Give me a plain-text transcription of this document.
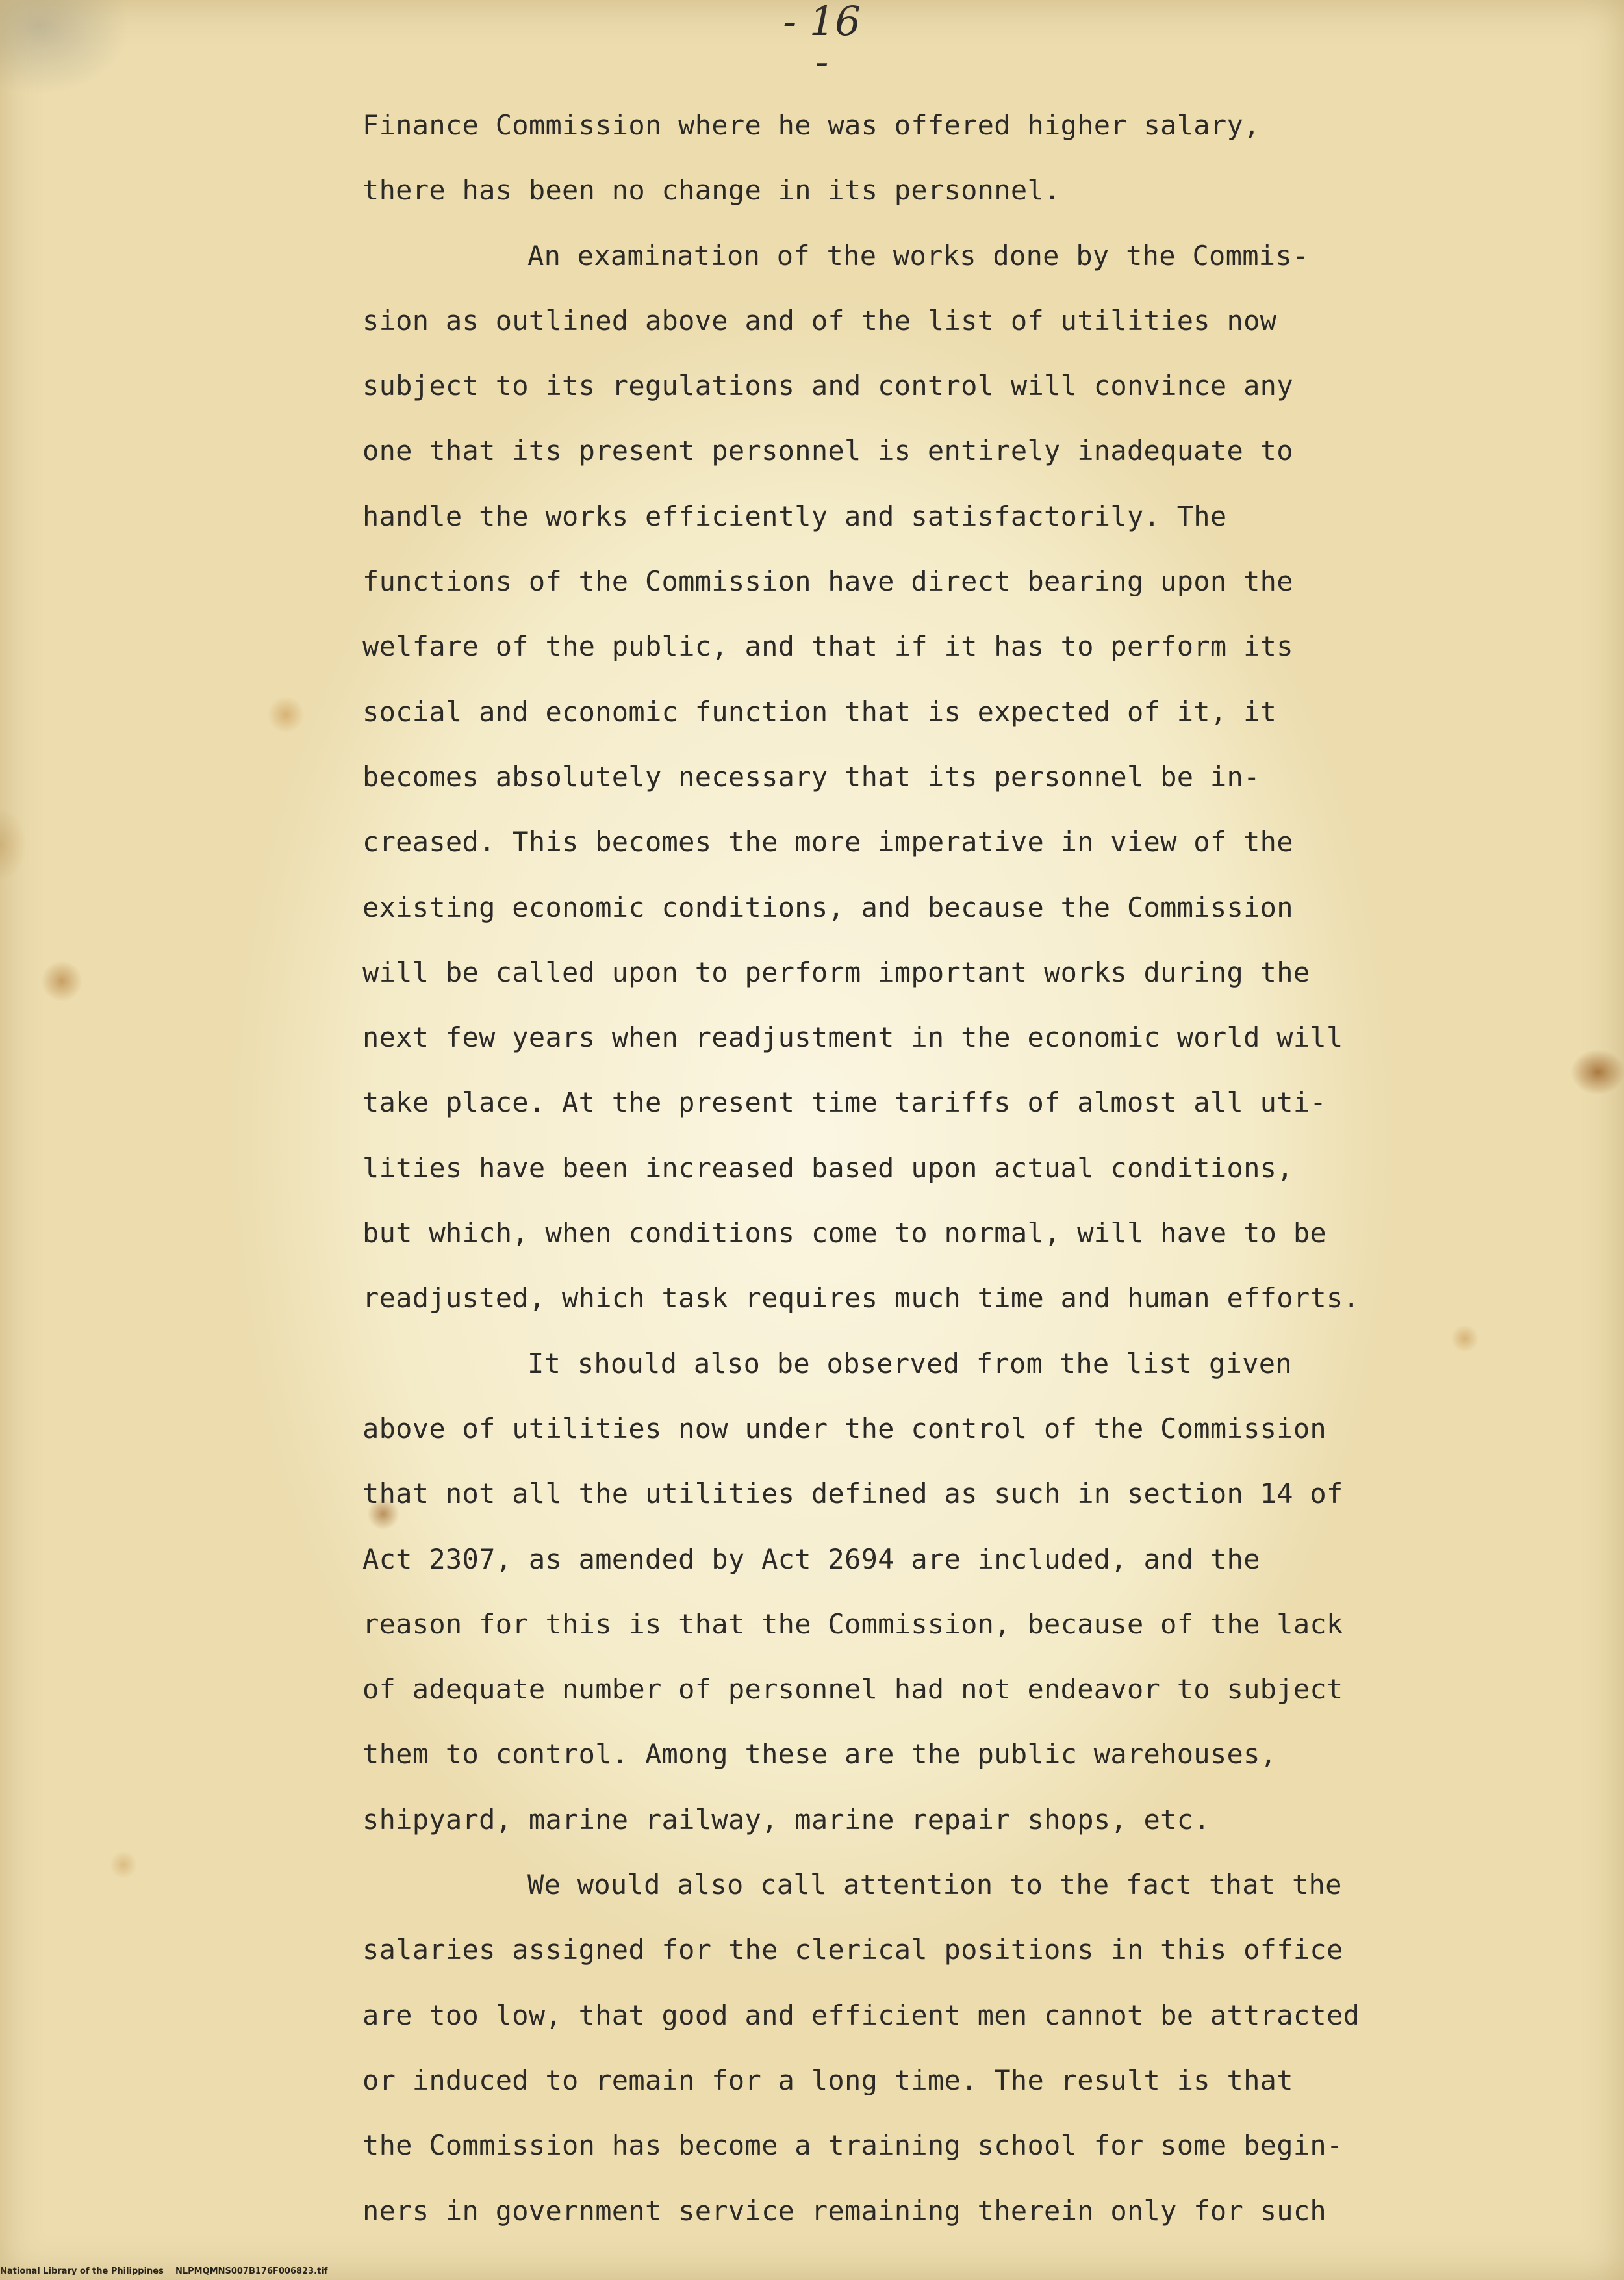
- 16 -
Finance Commission where he was offered higher salary,
there has been no change in its personnel.
An examination of the works done by the Commis-
sion as outlined above and of the list of utilities now
subject to its regulations and control will convince any
one that its present personnel is entirely inadequate to
handle the works efficiently and satisfactorily. The
functions of the Commission have direct bearing upon the
welfare of the public, and that if it has to perform its
social and economic function that is expected of it, it
becomes absolutely necessary that its personnel be in-
creased. This becomes the more imperative in view of the
existing economic conditions, and because the Commission
will be called upon to perform important works during the
next few years when readjustment in the economic world will
take place. At the present time tariffs of almost all uti-
lities have been increased based upon actual conditions,
but which, when conditions come to normal, will have to be
readjusted, which task requires much time and human efforts.
It should also be observed from the list given
above of utilities now under the control of the Commission
that not all the utilities defined as such in section 14 of
Act 2307, as amended by Act 2694 are included, and the
reason for this is that the Commission, because of the lack
of adequate number of personnel had not endeavor to subject
them to control. Among these are the public warehouses,
shipyard, marine railway, marine repair shops, etc.
We would also call attention to the fact that the
salaries assigned for the clerical positions in this office
are too low, that good and efficient men cannot be attracted
or induced to remain for a long time. The result is that
the Commission has become a training school for some begin-
ners in government service remaining therein only for such
National Library of the Philippines    NLPMQMNS007B176F006823.tif
